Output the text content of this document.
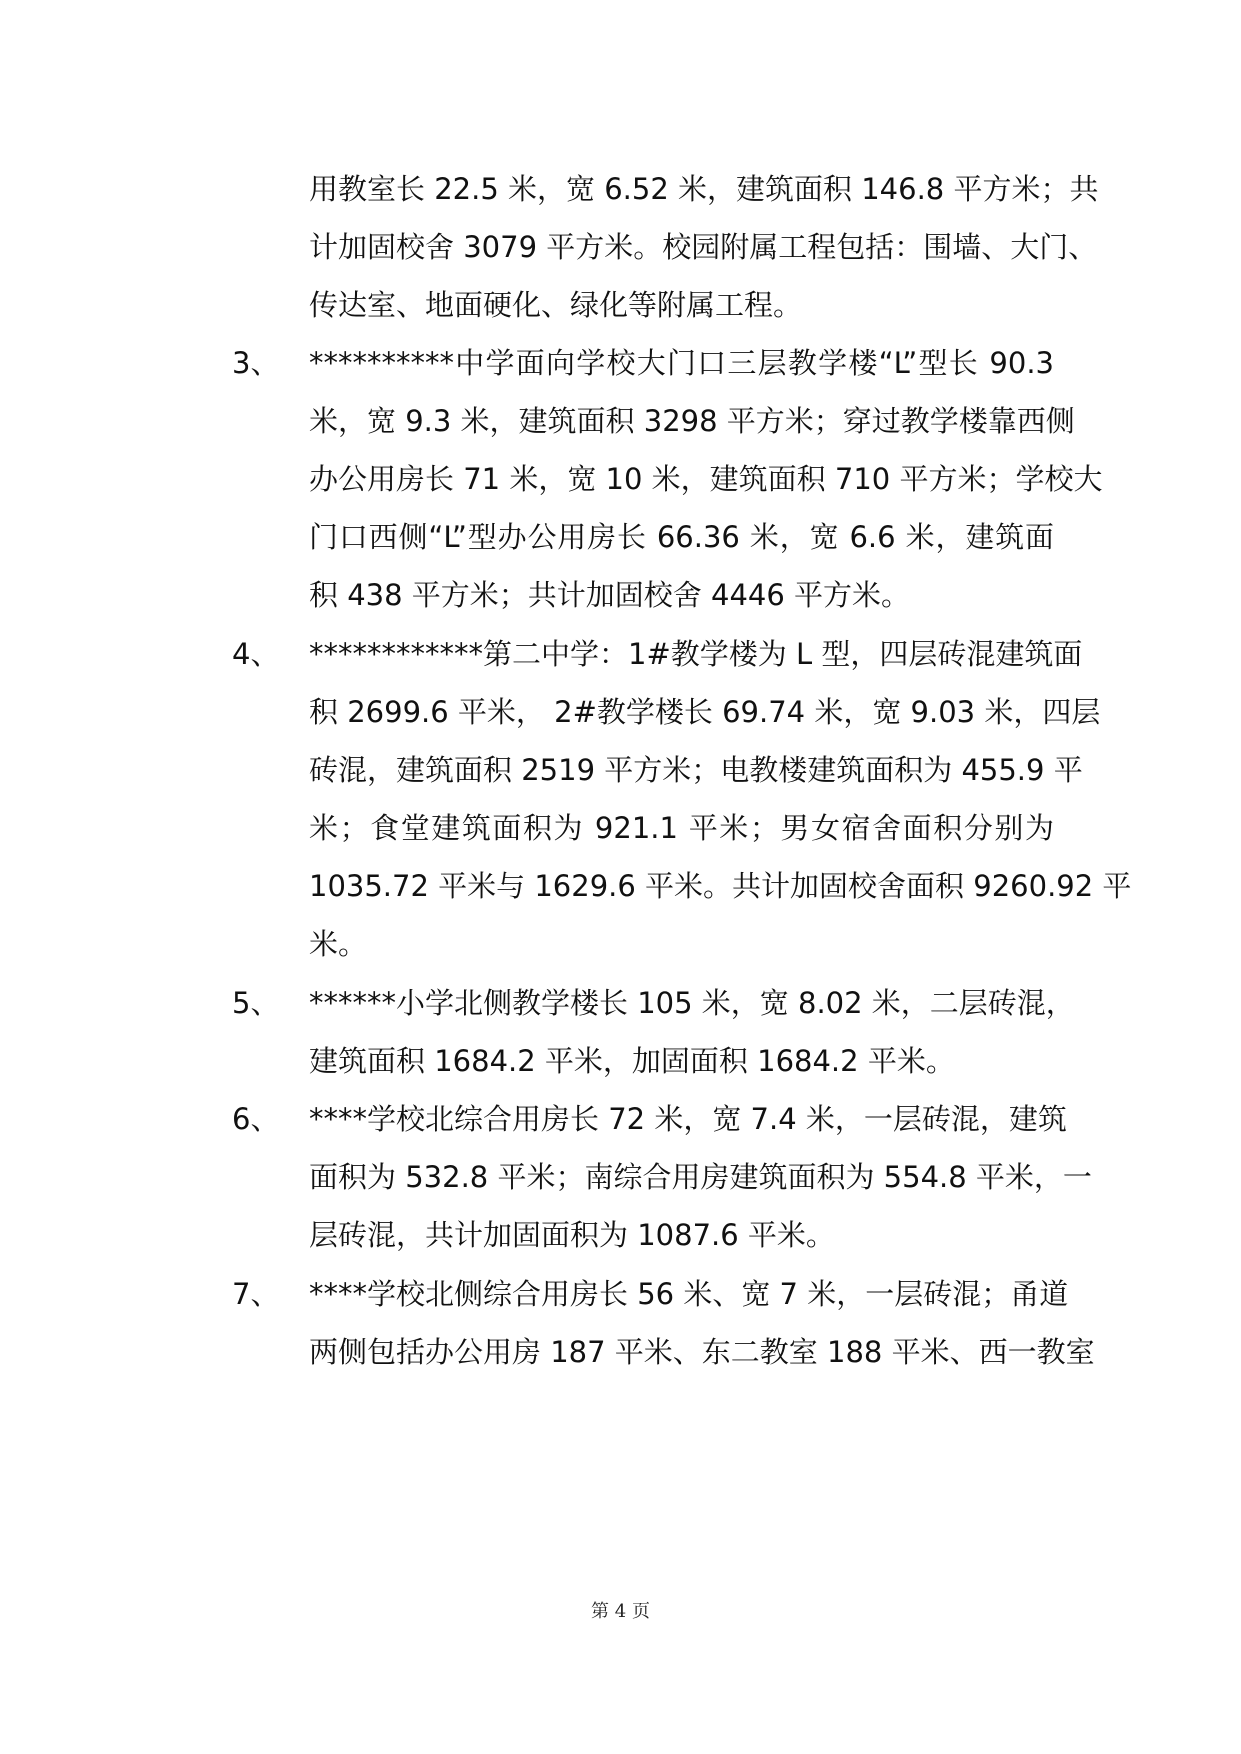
用教室长 22.5 米，宽 6.52 米，建筑面积 146.8 平方米；共
计加固校舍 3079 平方米。校园附属工程包括：围墙、大门、
传达室、地面硬化、绿化等附属工程。
3、 **********中学面向学校大门口三层教学楼“L”型长 90.3
米，宽 9.3 米，建筑面积 3298 平方米；穿过教学楼靠西侧
办公用房长 71 米，宽 10 米，建筑面积 710 平方米；学校大
门口西侧“L”型办公用房长 66.36 米，宽 6.6 米，建筑面
积 438 平方米；共计加固校舍 4446 平方米。
4、 ************第二中学：1#教学楼为 L 型，四层砖混建筑面
积 2699.6 平米， 2#教学楼长 69.74 米，宽 9.03 米，四层
砖混，建筑面积 2519 平方米；电教楼建筑面积为 455.9 平
米；食堂建筑面积为 921.1 平米；男女宿舍面积分别为
1035.72 平米与 1629.6 平米。共计加固校舍面积 9260.92 平
米。
5、 ******小学北侧教学楼长 105 米，宽 8.02 米，二层砖混，
建筑面积 1684.2 平米，加固面积 1684.2 平米。
6、 ****学校北综合用房长 72 米，宽 7.4 米，一层砖混，建筑
面积为 532.8 平米；南综合用房建筑面积为 554.8 平米，一
层砖混，共计加固面积为 1087.6 平米。
7、 ****学校北侧综合用房长 56 米、宽 7 米，一层砖混；甬道
两侧包括办公用房 187 平米、东二教室 188 平米、西一教室
第 4 页
